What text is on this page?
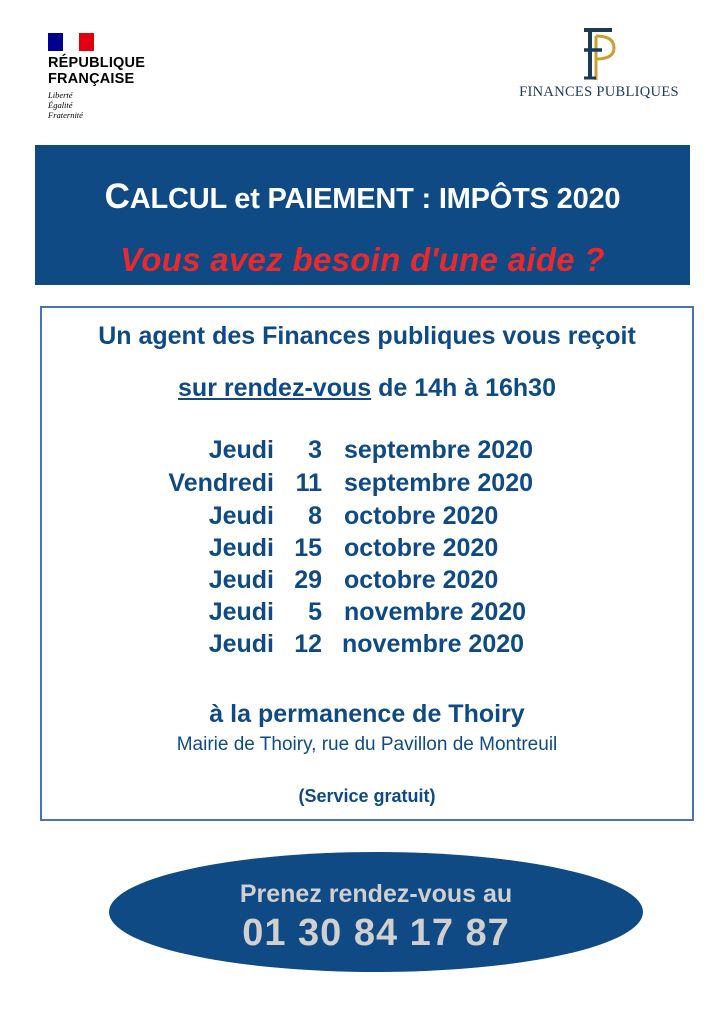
RÉPUBLIQUE
FRANÇAISE
Liberté
Égalité
Fraternité
FINANCES PUBLIQUES
CALCUL et PAIEMENT : IMPÔTS 2020
Vous avez besoin d'une aide ?
Un agent des Finances publiques vous reçoit
sur rendez-vous de 14h à 16h30
Jeudi 3 septembre 2020
Vendredi 11 septembre 2020
Jeudi 8 octobre 2020
Jeudi 15 octobre 2020
Jeudi 29 octobre 2020
Jeudi 5 novembre 2020
Jeudi 12 novembre 2020
à la permanence de Thoiry
Mairie de Thoiry, rue du Pavillon de Montreuil
(Service gratuit)
Prenez rendez-vous au
01 30 84 17 87
